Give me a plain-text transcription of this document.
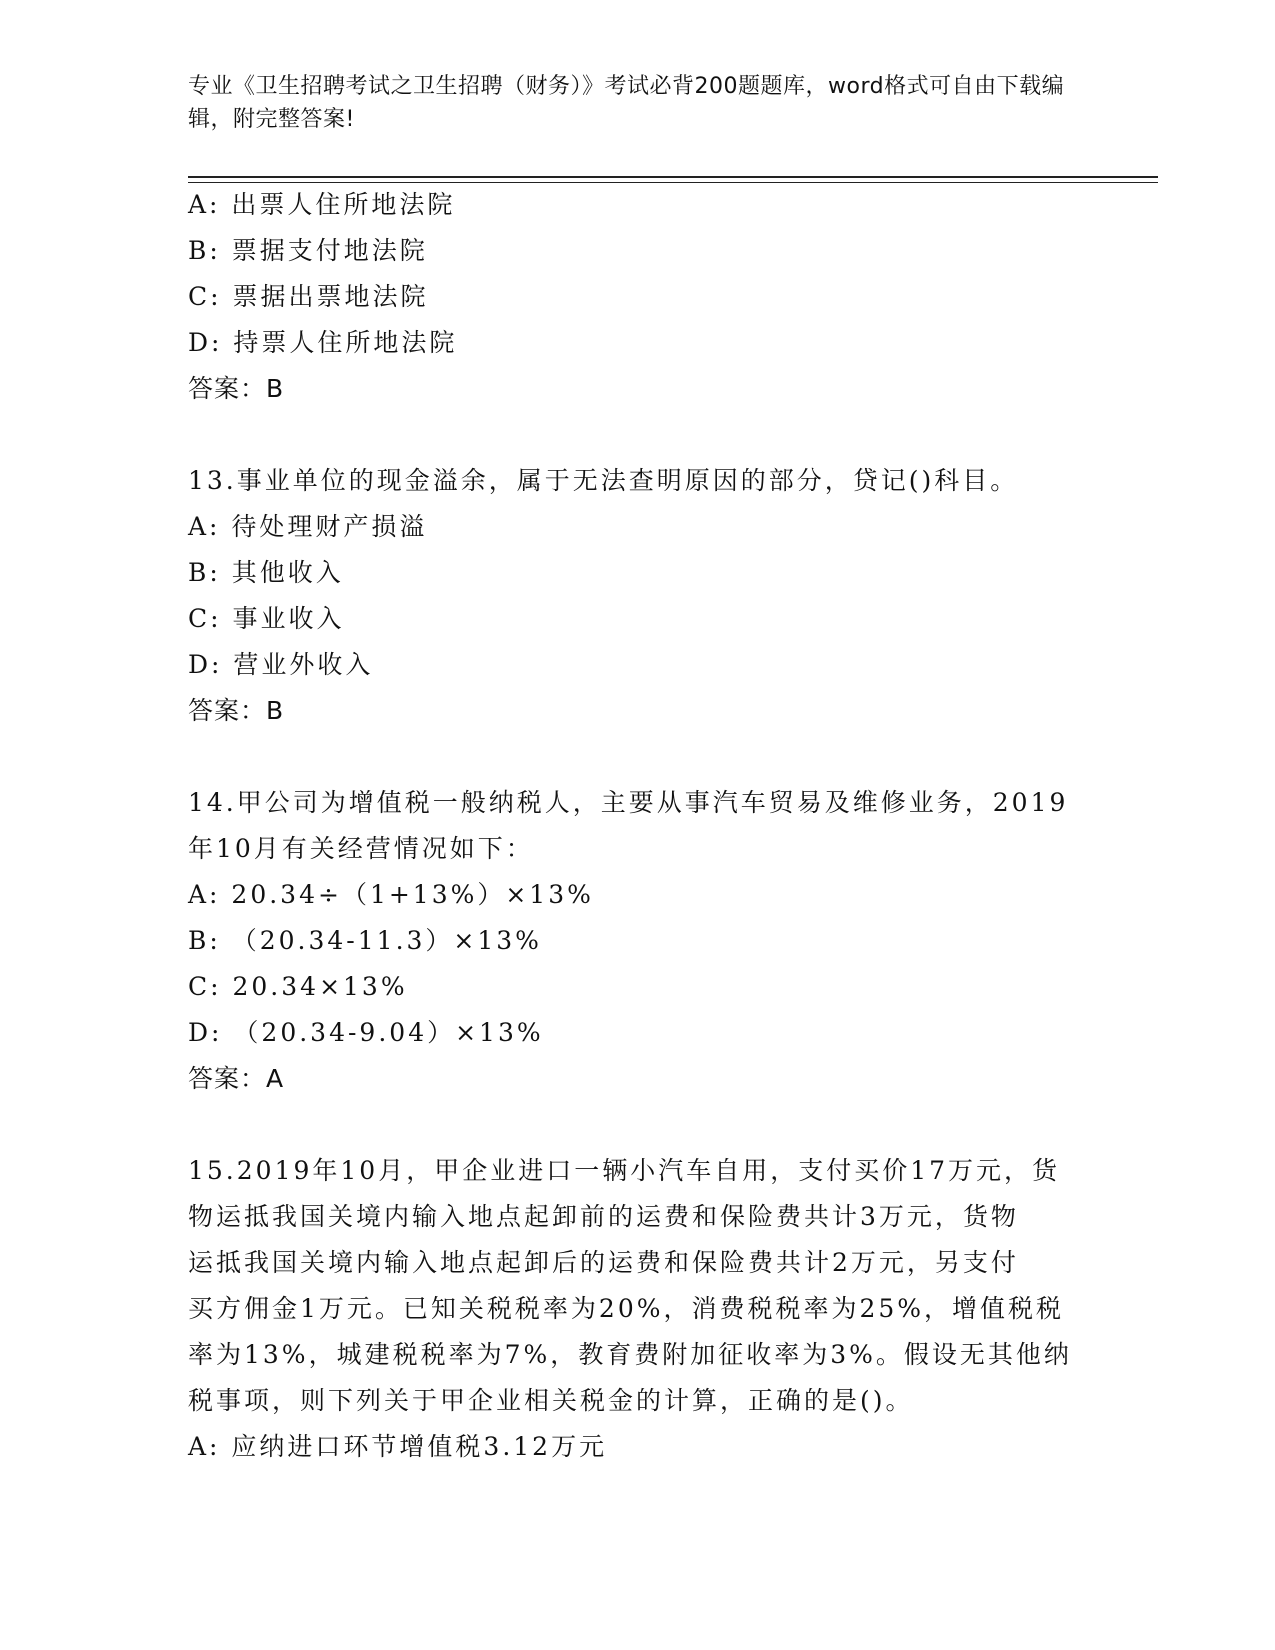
专业《卫生招聘考试之卫生招聘（财务）》考试必背200题题库，word格式可自由下载编辑，附完整答案!
A: 出票人住所地法院
B: 票据支付地法院
C: 票据出票地法院
D: 持票人住所地法院
答案：B
13.事业单位的现金溢余，属于无法查明原因的部分，贷记()科目。
A: 待处理财产损溢
B: 其他收入
C: 事业收入
D: 营业外收入
答案：B
14.甲公司为增值税一般纳税人，主要从事汽车贸易及维修业务，2019
年10月有关经营情况如下：
A: 20.34÷（1+13%）×13%
B: （20.34-11.3）×13%
C: 20.34×13%
D: （20.34-9.04）×13%
答案：A
15.2019年10月，甲企业进口一辆小汽车自用，支付买价17万元，货
物运抵我国关境内输入地点起卸前的运费和保险费共计3万元，货物
运抵我国关境内输入地点起卸后的运费和保险费共计2万元，另支付
买方佣金1万元。已知关税税率为20%，消费税税率为25%，增值税税
率为13%，城建税税率为7%，教育费附加征收率为3%。假设无其他纳
税事项，则下列关于甲企业相关税金的计算，正确的是()。
A: 应纳进口环节增值税3.12万元
